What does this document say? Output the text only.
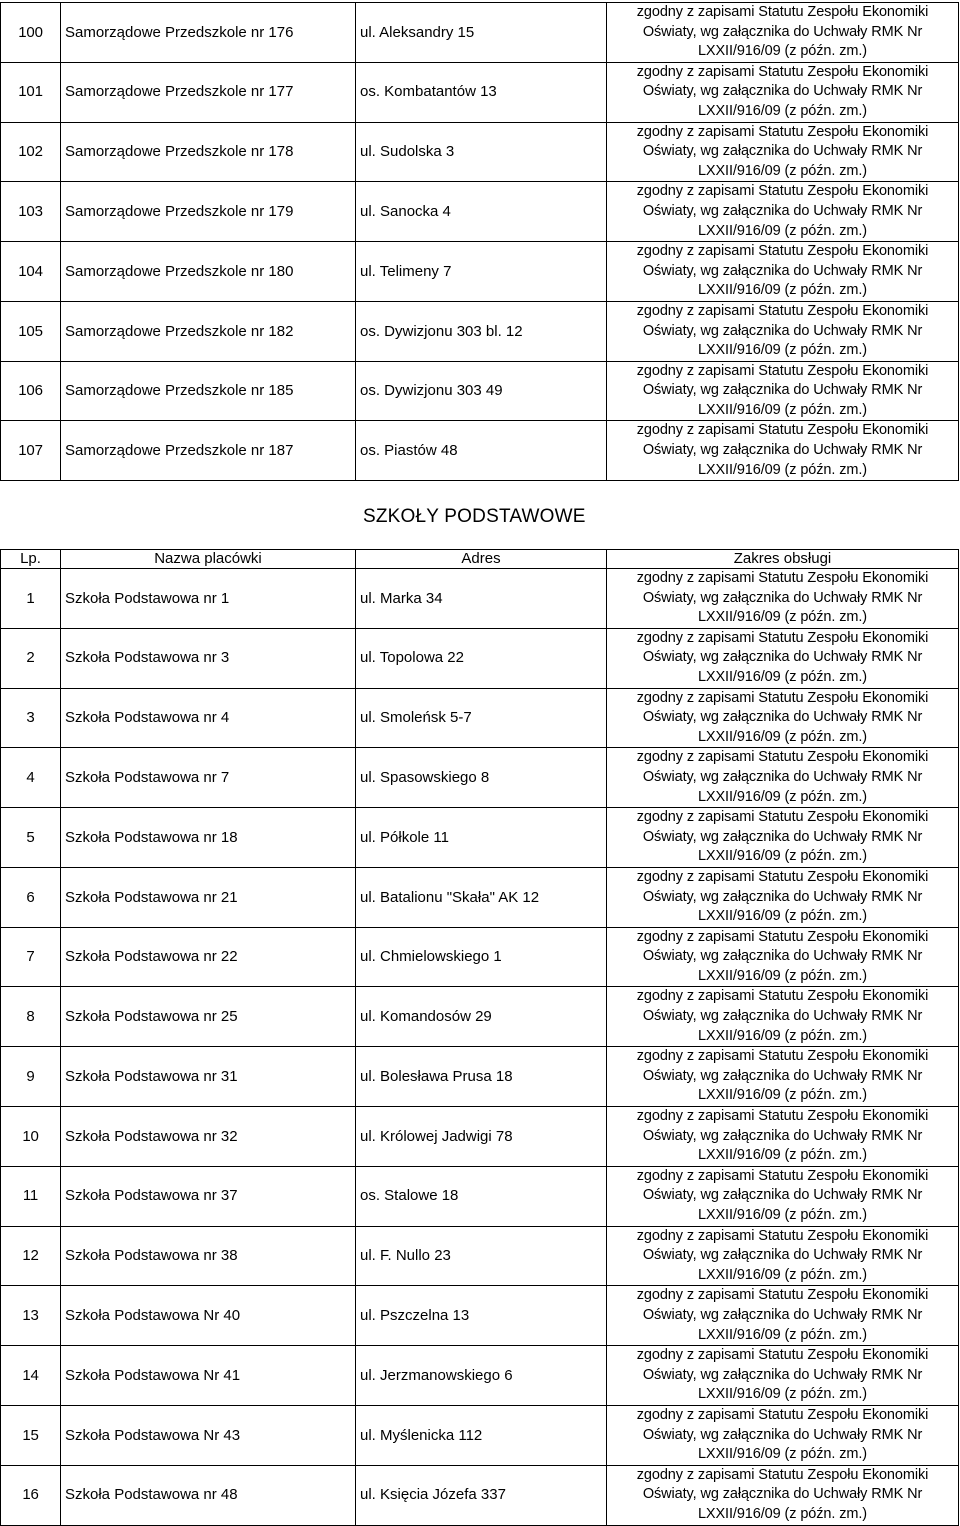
100	Samorządowe Przedszkole nr 176	ul. Aleksandry 15	zgodny z zapisami Statutu Zespołu Ekonomiki
Oświaty, wg załącznika do Uchwały RMK Nr
LXXII/916/09 (z późn. zm.)

101	Samorządowe Przedszkole nr 177	os. Kombatantów 13	zgodny z zapisami Statutu Zespołu Ekonomiki
Oświaty, wg załącznika do Uchwały RMK Nr
LXXII/916/09 (z późn. zm.)

102	Samorządowe Przedszkole nr 178	ul. Sudolska 3	zgodny z zapisami Statutu Zespołu Ekonomiki
Oświaty, wg załącznika do Uchwały RMK Nr
LXXII/916/09 (z późn. zm.)

103	Samorządowe Przedszkole nr 179	ul. Sanocka 4	zgodny z zapisami Statutu Zespołu Ekonomiki
Oświaty, wg załącznika do Uchwały RMK Nr
LXXII/916/09 (z późn. zm.)

104	Samorządowe Przedszkole nr 180	ul. Telimeny 7	zgodny z zapisami Statutu Zespołu Ekonomiki
Oświaty, wg załącznika do Uchwały RMK Nr
LXXII/916/09 (z późn. zm.)

105	Samorządowe Przedszkole nr 182	os. Dywizjonu 303 bl. 12	zgodny z zapisami Statutu Zespołu Ekonomiki
Oświaty, wg załącznika do Uchwały RMK Nr
LXXII/916/09 (z późn. zm.)

106	Samorządowe Przedszkole nr 185	os. Dywizjonu 303 49	zgodny z zapisami Statutu Zespołu Ekonomiki
Oświaty, wg załącznika do Uchwały RMK Nr
LXXII/916/09 (z późn. zm.)

107	Samorządowe Przedszkole nr 187	os. Piastów 48	zgodny z zapisami Statutu Zespołu Ekonomiki
Oświaty, wg załącznika do Uchwały RMK Nr
LXXII/916/09 (z późn. zm.)
SZKOŁY PODSTAWOWE
Lp.	Nazwa placówki	Adres	Zakres obsługi
1	Szkoła Podstawowa nr 1	ul. Marka 34	zgodny z zapisami Statutu Zespołu Ekonomiki
Oświaty, wg załącznika do Uchwały RMK Nr
LXXII/916/09 (z późn. zm.)

2	Szkoła Podstawowa nr 3	ul. Topolowa 22	zgodny z zapisami Statutu Zespołu Ekonomiki
Oświaty, wg załącznika do Uchwały RMK Nr
LXXII/916/09 (z późn. zm.)

3	Szkoła Podstawowa nr 4	ul. Smoleńsk 5-7	zgodny z zapisami Statutu Zespołu Ekonomiki
Oświaty, wg załącznika do Uchwały RMK Nr
LXXII/916/09 (z późn. zm.)

4	Szkoła Podstawowa nr 7	ul. Spasowskiego 8	zgodny z zapisami Statutu Zespołu Ekonomiki
Oświaty, wg załącznika do Uchwały RMK Nr
LXXII/916/09 (z późn. zm.)

5	Szkoła Podstawowa nr 18	ul. Półkole 11	zgodny z zapisami Statutu Zespołu Ekonomiki
Oświaty, wg załącznika do Uchwały RMK Nr
LXXII/916/09 (z późn. zm.)

6	Szkoła Podstawowa nr 21	ul. Batalionu "Skała" AK 12	zgodny z zapisami Statutu Zespołu Ekonomiki
Oświaty, wg załącznika do Uchwały RMK Nr
LXXII/916/09 (z późn. zm.)

7	Szkoła Podstawowa nr 22	ul. Chmielowskiego 1	zgodny z zapisami Statutu Zespołu Ekonomiki
Oświaty, wg załącznika do Uchwały RMK Nr
LXXII/916/09 (z późn. zm.)

8	Szkoła Podstawowa nr 25	ul. Komandosów 29	zgodny z zapisami Statutu Zespołu Ekonomiki
Oświaty, wg załącznika do Uchwały RMK Nr
LXXII/916/09 (z późn. zm.)

9	Szkoła Podstawowa nr 31	ul. Bolesława Prusa 18	zgodny z zapisami Statutu Zespołu Ekonomiki
Oświaty, wg załącznika do Uchwały RMK Nr
LXXII/916/09 (z późn. zm.)

10	Szkoła Podstawowa nr 32	ul. Królowej Jadwigi 78	zgodny z zapisami Statutu Zespołu Ekonomiki
Oświaty, wg załącznika do Uchwały RMK Nr
LXXII/916/09 (z późn. zm.)

11	Szkoła Podstawowa nr 37	os. Stalowe 18	zgodny z zapisami Statutu Zespołu Ekonomiki
Oświaty, wg załącznika do Uchwały RMK Nr
LXXII/916/09 (z późn. zm.)

12	Szkoła Podstawowa nr 38	ul. F. Nullo 23	zgodny z zapisami Statutu Zespołu Ekonomiki
Oświaty, wg załącznika do Uchwały RMK Nr
LXXII/916/09 (z późn. zm.)

13	Szkoła Podstawowa Nr 40	ul. Pszczelna 13	zgodny z zapisami Statutu Zespołu Ekonomiki
Oświaty, wg załącznika do Uchwały RMK Nr
LXXII/916/09 (z późn. zm.)

14	Szkoła Podstawowa Nr 41	ul. Jerzmanowskiego 6	zgodny z zapisami Statutu Zespołu Ekonomiki
Oświaty, wg załącznika do Uchwały RMK Nr
LXXII/916/09 (z późn. zm.)

15	Szkoła Podstawowa Nr 43	ul. Myślenicka 112	zgodny z zapisami Statutu Zespołu Ekonomiki
Oświaty, wg załącznika do Uchwały RMK Nr
LXXII/916/09 (z późn. zm.)

16	Szkoła Podstawowa nr 48	ul. Księcia Józefa 337	zgodny z zapisami Statutu Zespołu Ekonomiki
Oświaty, wg załącznika do Uchwały RMK Nr
LXXII/916/09 (z późn. zm.)
